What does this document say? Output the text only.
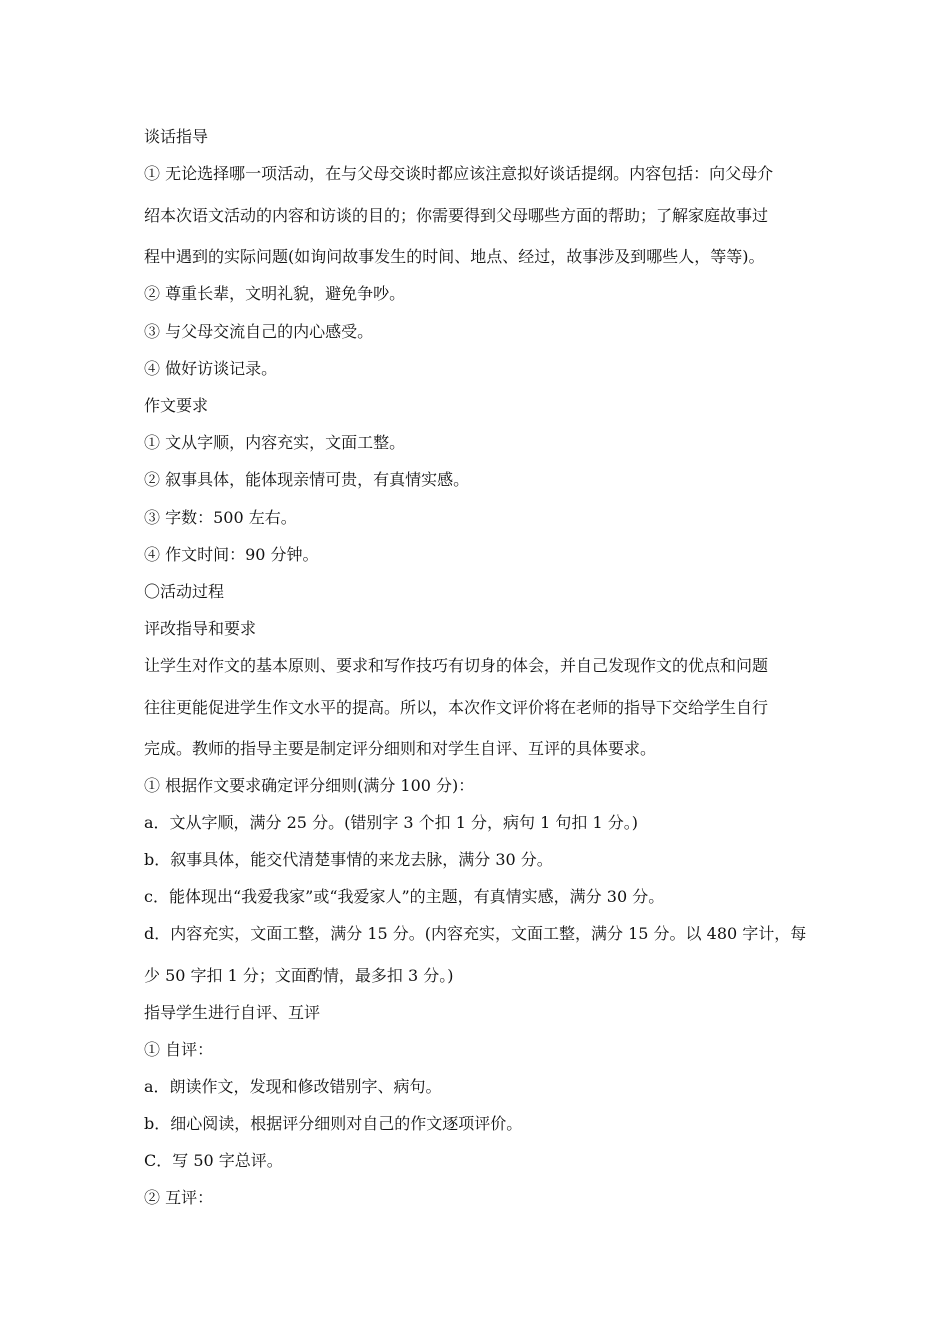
谈话指导
① 无论选择哪一项活动，在与父母交谈时都应该注意拟好谈话提纲。内容包括：向父母介
绍本次语文活动的内容和访谈的目的；你需要得到父母哪些方面的帮助；了解家庭故事过
程中遇到的实际问题(如询问故事发生的时间、地点、经过，故事涉及到哪些人，等等)。
② 尊重长辈，文明礼貌，避免争吵。
③ 与父母交流自己的内心感受。
④ 做好访谈记录。
作文要求
① 文从字顺，内容充实，文面工整。
② 叙事具体，能体现亲情可贵，有真情实感。
③ 字数：500 左右。
④ 作文时间：90 分钟。
〇活动过程
评改指导和要求
让学生对作文的基本原则、要求和写作技巧有切身的体会，并自己发现作文的优点和问题
往往更能促进学生作文水平的提高。所以，本次作文评价将在老师的指导下交给学生自行
完成。教师的指导主要是制定评分细则和对学生自评、互评的具体要求。
① 根据作文要求确定评分细则(满分 100 分)：
a．文从字顺，满分 25 分。(错别字 3 个扣 1 分，病句 1 句扣 1 分。)
b．叙事具体，能交代清楚事情的来龙去脉，满分 30 分。
c．能体现出“我爱我家”或“我爱家人”的主题，有真情实感，满分 30 分。
d．内容充实，文面工整，满分 15 分。(内容充实，文面工整，满分 15 分。以 480 字计，每
少 50 字扣 1 分；文面酌情，最多扣 3 分。)
指导学生进行自评、互评
① 自评：
a．朗读作文，发现和修改错别字、病句。
b．细心阅读，根据评分细则对自己的作文逐项评价。
C．写 50 字总评。
② 互评：
